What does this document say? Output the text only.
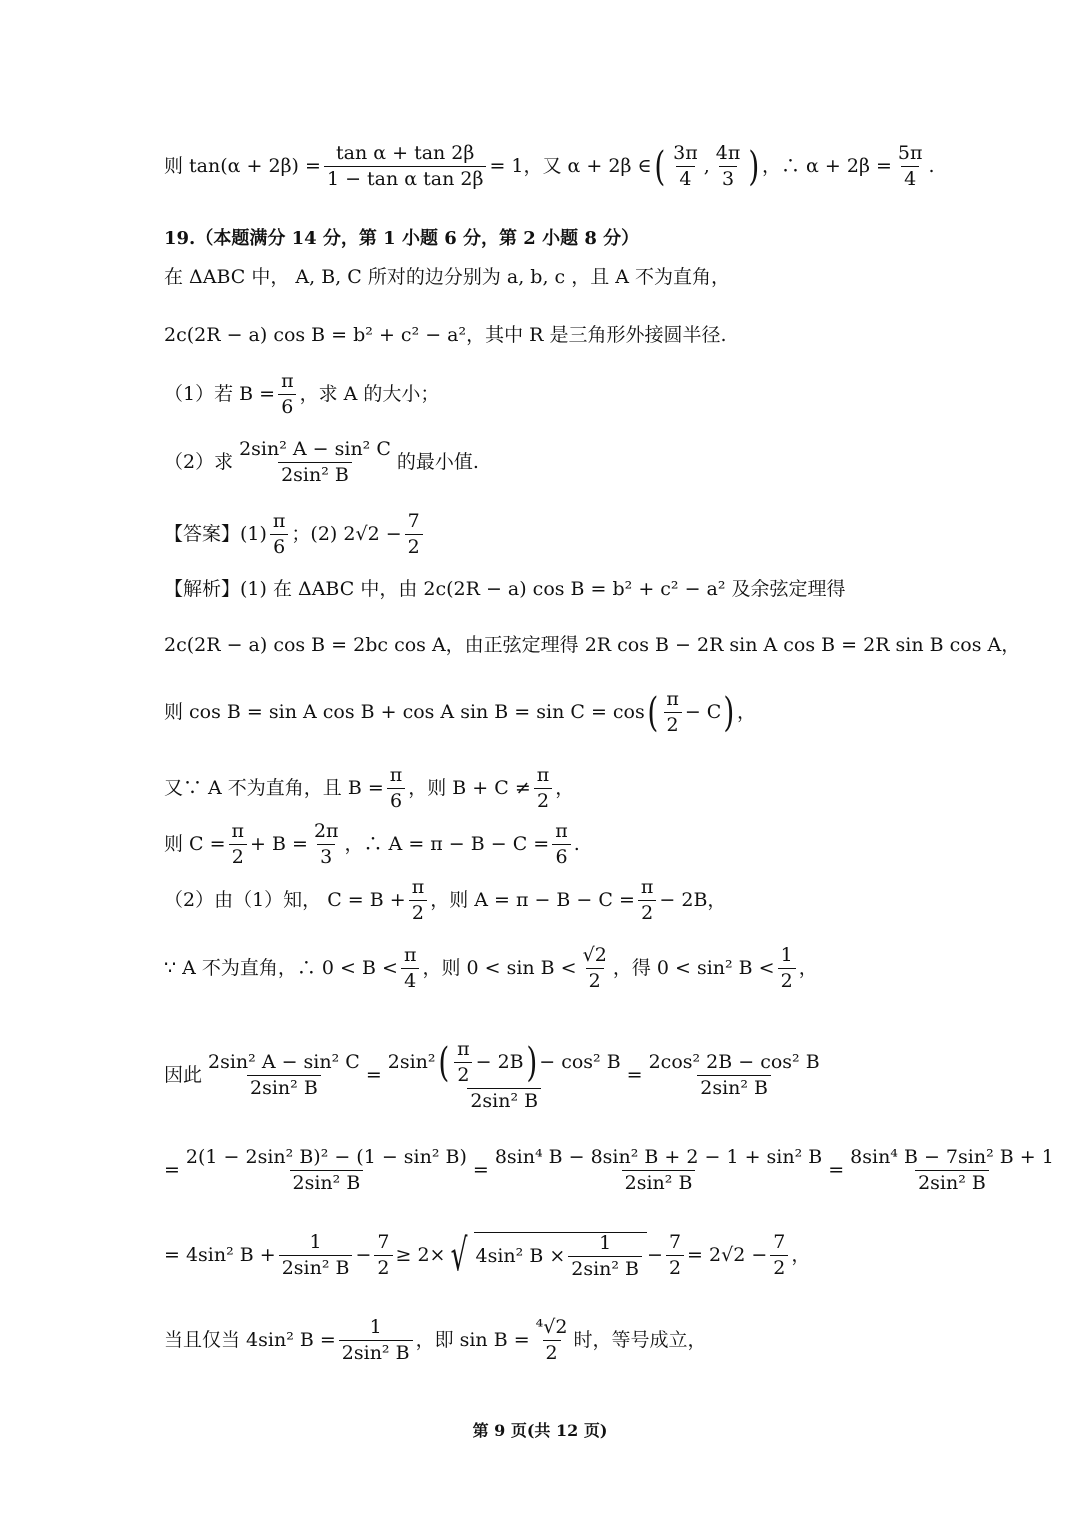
则 $\tan(\alpha + 2\beta) = \frac{\text{tan α + tan 2β}}{\text{1 − tan α tan 2β}} = 1$，又 α + 2β ∈ ( $\frac{3\pi}{4}$ , $\frac{4\pi}{3}$ ) ，∴ $\alpha + 2\beta = \frac{5\pi}{4}$ .
19.（本题满分 14 分，第 1 小题 6 分，第 2 小题 8 分）
在 ΔABC 中， A, B, C 所对的边分别为 a, b, c ，且 A 不为直角，
2c(2R − a) cos B = b² + c² − a²，其中 R 是三角形外接圆半径.
（1）若 $B = \frac{\pi}{6}$ ，求 A 的大小；
（2）求 $\frac{\text{2sin² A − sin² C}}{\text{2sin² B}}$ 的最小值.
【答案】$(1) \frac{\pi}{6}$ ；(2) $2√2 - \frac{7}{2}$
【解析】(1) 在 ΔABC 中，由 2c(2R − a) cos B = b² + c² − a² 及余弦定理得
2c(2R − a) cos B = 2bc cos A，由正弦定理得 2R cos B − 2R sin A cos B = 2R sin B cos A，
则 cos B = sin A cos B + cos A sin B = sin C = cos ( $\frac{\pi}{2} - C$ ) ，
又∵ A 不为直角，且 $B = \frac{\pi}{6}$ ，则 $B + C \ne \frac{\pi}{2}$ ，
则 $C = \frac{\pi}{2} + B = \frac{2\pi}{3}$ ，∴ $A = \pi - B - C = \frac{\pi}{6}$ .
（2）由（1）知， $C = B + \frac{\pi}{2}$ ，则 $A = \pi - B - C = \frac{\pi}{2} - 2B$，
∵ A 不为直角，∴ $0 < B < \frac{\pi}{4}$ ，则 $0 < \sin B < \frac{√2}{2}$ ，得 0 < sin² $B < \frac{1}{2}$ ，
因此 $\frac{\text{2sin² A − sin² C}}{\text{2sin² B}} = \frac{2\sin^2 ( \frac{\pi}{2} - 2B ) - \cos^2 B}{\text{2sin² B}} = \frac{\text{2cos² 2B − cos² B}}{\text{2sin² B}}$
= $\frac{\text{2(1 − 2sin² B)² − (1 − sin² B)}}{\text{2sin² B}} = \frac{\text{8sin⁴ B − 8sin² B + 2 − 1 + sin² B}}{\text{2sin² B}} = \frac{\text{8sin⁴ B − 7sin² B + 1}}{\text{2sin² B}}$
= 4sin² $B + \frac{1}{\text{2sin² B}} - \frac{7}{2} \ge 2\times$ √ 4sin² $B \times \frac{1}{\text{2sin² B}} - \frac{7}{2} = 2√2 - \frac{7}{2}$ ，
当且仅当 4sin² $B = \frac{1}{\text{2sin² B}}$ ，即 $\sin B = \frac{\text{⁴√2}}{2}$ 时，等号成立，
第 9 页(共 12 页)
